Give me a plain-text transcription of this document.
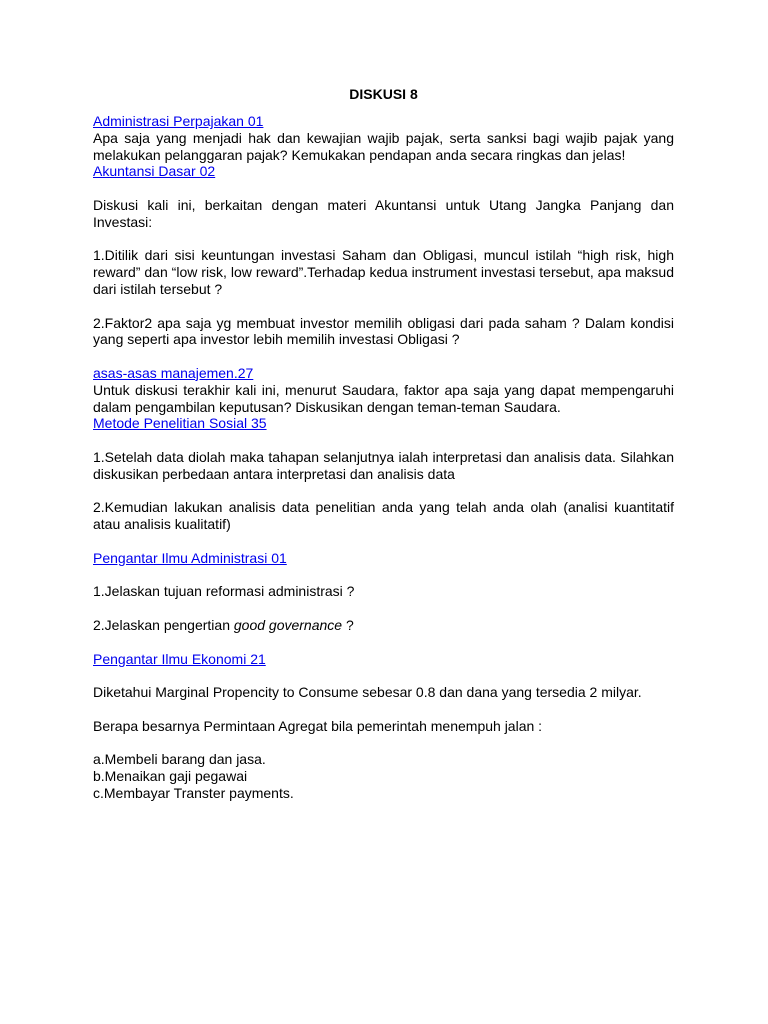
DISKUSI 8
Administrasi Perpajakan 01

Apa saja yang menjadi hak dan kewajian wajib pajak, serta sanksi bagi wajib pajak yang melakukan pelanggaran pajak? Kemukakan pendapan anda secara ringkas dan jelas!

Akuntansi Dasar 02

Diskusi kali ini, berkaitan dengan materi Akuntansi untuk Utang Jangka Panjang dan Investasi:

1.Ditilik dari sisi keuntungan investasi Saham dan Obligasi, muncul istilah “high risk, high reward” dan “low risk, low reward”.Terhadap kedua instrument investasi tersebut, apa maksud dari istilah tersebut ?

2.Faktor2 apa saja yg membuat investor memilih obligasi dari pada saham ? Dalam kondisi yang seperti apa investor lebih memilih investasi Obligasi ?

asas-asas manajemen.27

Untuk diskusi terakhir kali ini, menurut Saudara, faktor apa saja yang dapat mempengaruhi dalam pengambilan keputusan? Diskusikan dengan teman-teman Saudara.

Metode Penelitian Sosial 35

1.Setelah data diolah maka tahapan selanjutnya ialah interpretasi dan analisis data. Silahkan diskusikan perbedaan antara interpretasi dan analisis data

2.Kemudian lakukan analisis data penelitian anda yang telah anda olah (analisi kuantitatif atau analisis kualitatif)

Pengantar Ilmu Administrasi 01

1.Jelaskan tujuan reformasi administrasi ?

2.Jelaskan pengertian good governance ?

Pengantar Ilmu Ekonomi 21

Diketahui Marginal Propencity to Consume sebesar 0.8 dan dana yang tersedia 2 milyar.

Berapa besarnya Permintaan Agregat bila pemerintah menempuh jalan :

a.Membeli barang dan jasa.

b.Menaikan gaji pegawai

c.Membayar Transter payments.
